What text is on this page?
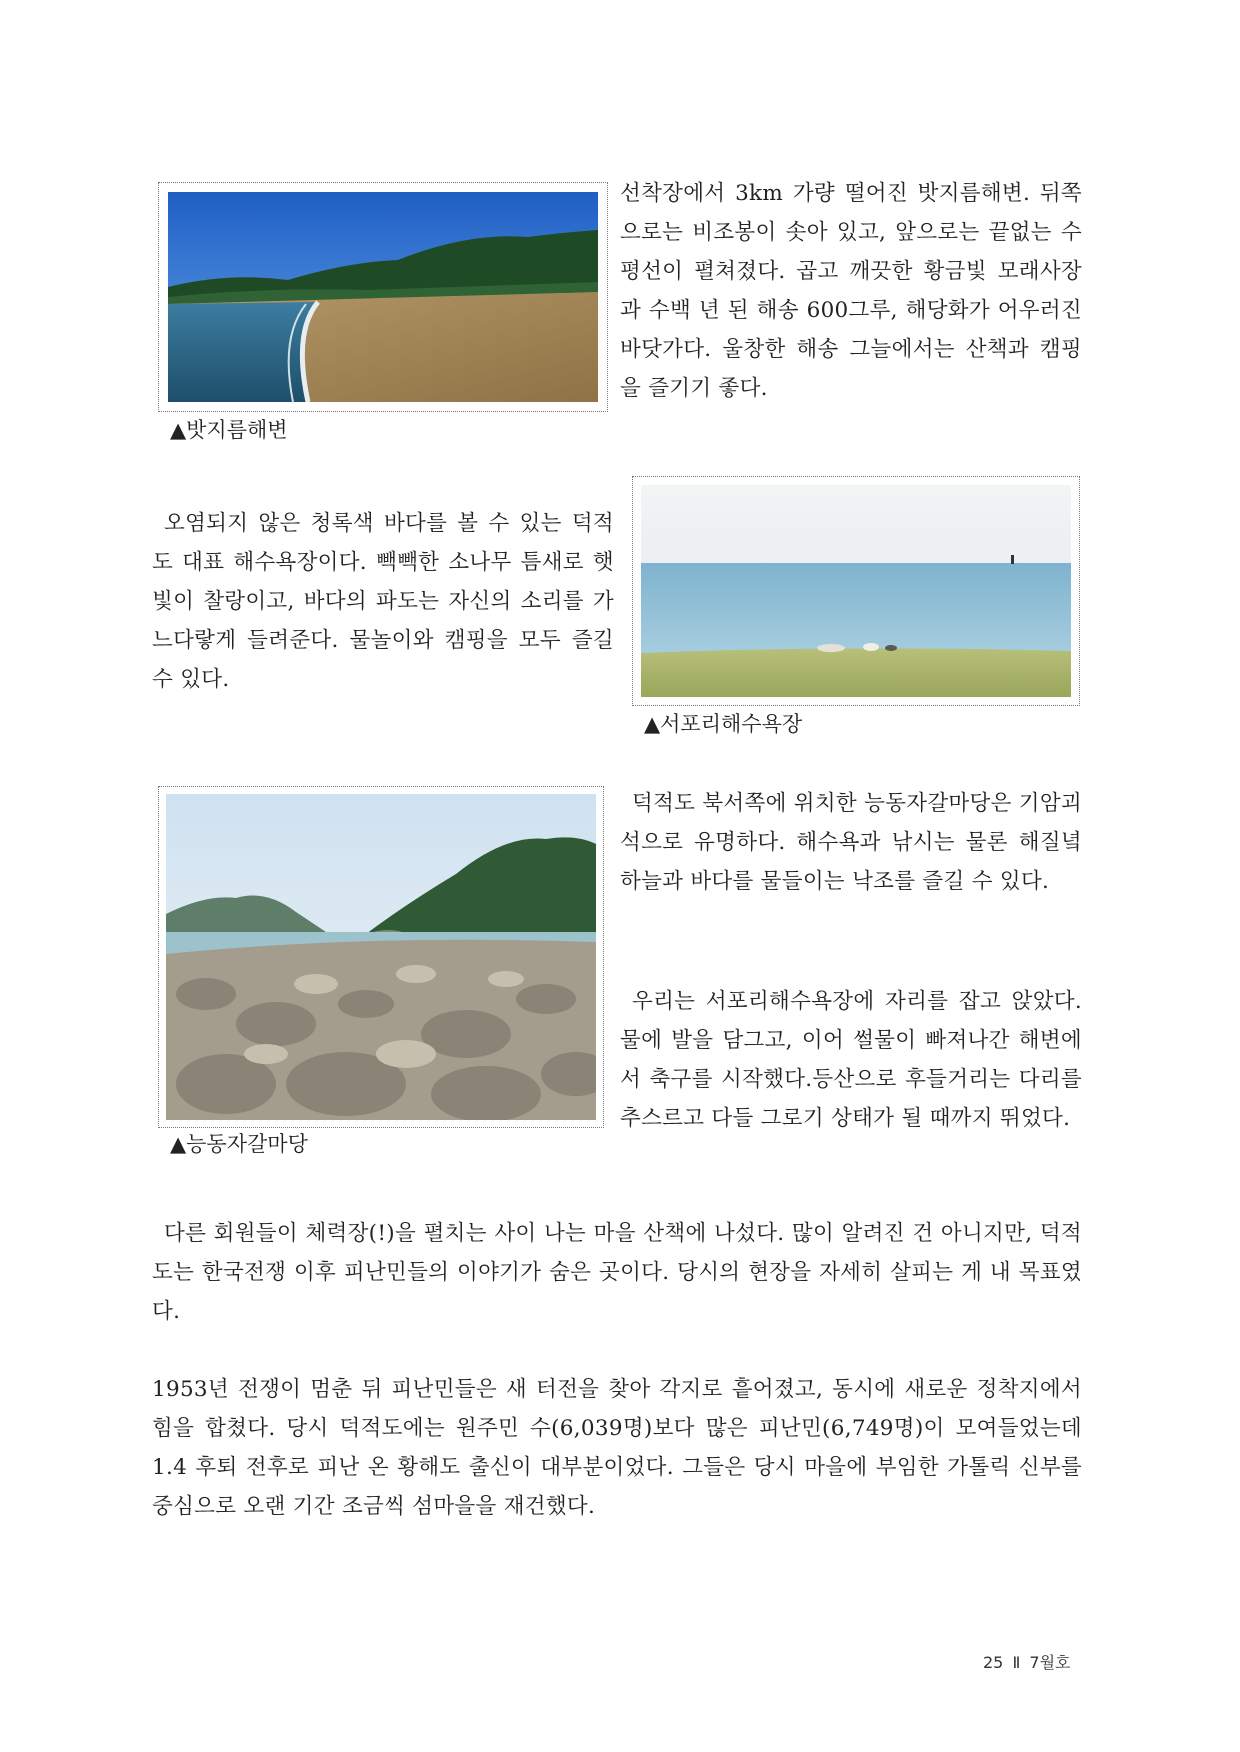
선착장에서 3km 가량 떨어진 밧지름해변. 뒤쪽으로는 비조봉이 솟아 있고, 앞으로는 끝없는 수평선이 펼쳐졌다. 곱고 깨끗한 황금빛 모래사장과 수백 년 된 해송 600그루, 해당화가 어우러진 바닷가다. 울창한 해송 그늘에서는 산책과 캠핑을 즐기기 좋다.

▲밧지름해변

오염되지 않은 청록색 바다를 볼 수 있는 덕적도 대표 해수욕장이다. 빽빽한 소나무 틈새로 햇빛이 찰랑이고, 바다의 파도는 자신의 소리를 가느다랗게 들려준다. 물놀이와 캠핑을 모두 즐길 수 있다.

▲서포리해수욕장
▲능동자갈마당

덕적도 북서쪽에 위치한 능동자갈마당은 기암괴석으로 유명하다. 해수욕과 낚시는 물론 해질녘 하늘과 바다를 물들이는 낙조를 즐길 수 있다.

우리는 서포리해수욕장에 자리를 잡고 앉았다. 물에 발을 담그고, 이어 썰물이 빠져나간 해변에서 축구를 시작했다.등산으로 후들거리는 다리를 추스르고 다들 그로기 상태가 될 때까지 뛰었다.

다른 회원들이 체력장(!)을 펼치는 사이 나는 마을 산책에 나섰다. 많이 알려진 건 아니지만, 덕적도는 한국전쟁 이후 피난민들의 이야기가 숨은 곳이다. 당시의 현장을 자세히 살피는 게 내 목표였다.

1953년 전쟁이 멈춘 뒤 피난민들은 새 터전을 찾아 각지로 흩어졌고, 동시에 새로운 정착지에서 힘을 합쳤다. 당시 덕적도에는 원주민 수(6,039명)보다 많은 피난민(6,749명)이 모여들었는데 1.4 후퇴 전후로 피난 온 황해도 출신이 대부분이었다. 그들은 당시 마을에 부임한 가톨릭 신부를 중심으로 오랜 기간 조금씩 섬마을을 재건했다.

25 Ⅱ 7월호
